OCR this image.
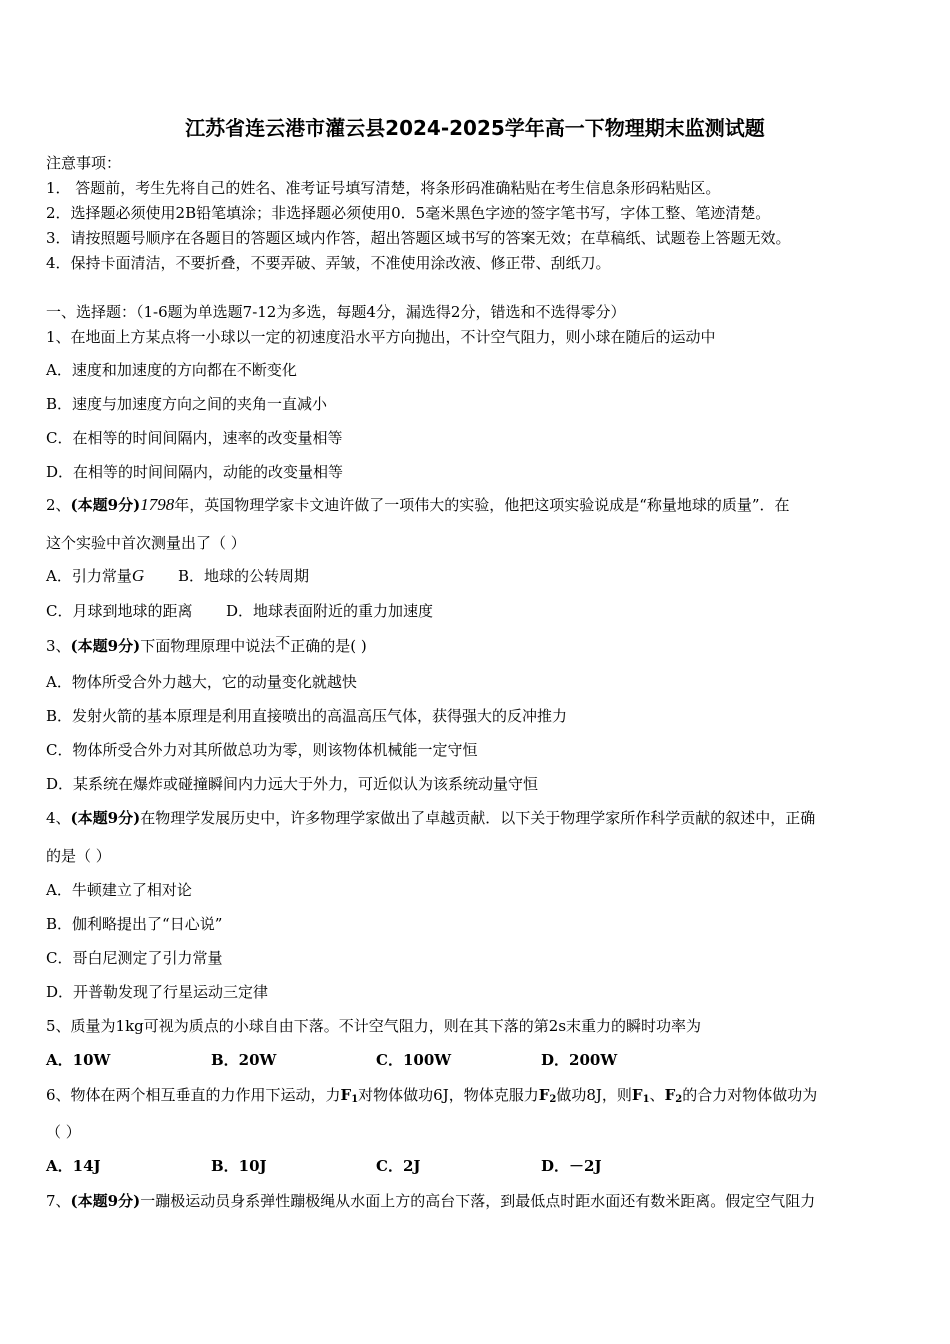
江苏省连云港市灌云县2024-2025学年高一下物理期末监测试题
注意事项：
1． 答题前，考生先将自己的姓名、准考证号填写清楚，将条形码准确粘贴在考生信息条形码粘贴区。
2．选择题必须使用2B铅笔填涂；非选择题必须使用0．5毫米黑色字迹的签字笔书写，字体工整、笔迹清楚。
3．请按照题号顺序在各题目的答题区域内作答，超出答题区域书写的答案无效；在草稿纸、试题卷上答题无效。
4．保持卡面清洁，不要折叠，不要弄破、弄皱，不准使用涂改液、修正带、刮纸刀。
一、选择题：（1-6题为单选题7-12为多选，每题4分，漏选得2分，错选和不选得零分）
1、在地面上方某点将一小球以一定的初速度沿水平方向抛出，不计空气阻力，则小球在随后的运动中
A．速度和加速度的方向都在不断变化
B．速度与加速度方向之间的夹角一直减小
C．在相等的时间间隔内，速率的改变量相等
D．在相等的时间间隔内，动能的改变量相等
2、(本题9分)1798年，英国物理学家卡文迪许做了一项伟大的实验，他把这项实验说成是“称量地球的质量”．在
这个实验中首次测量出了（ ）
A．引力常量G B．地球的公转周期
C．月球到地球的距离 D．地球表面附近的重力加速度
3、(本题9分)下面物理原理中说法不正确的是( )
A．物体所受合外力越大，它的动量变化就越快
B．发射火箭的基本原理是利用直接喷出的高温高压气体，获得强大的反冲推力
C．物体所受合外力对其所做总功为零，则该物体机械能一定守恒
D．某系统在爆炸或碰撞瞬间内力远大于外力，可近似认为该系统动量守恒
4、(本题9分)在物理学发展历史中，许多物理学家做出了卓越贡献．以下关于物理学家所作科学贡献的叙述中，正确
的是（ ）
A．牛顿建立了相对论
B．伽利略提出了“日心说”
C．哥白尼测定了引力常量
D．开普勒发现了行星运动三定律
5、质量为1kg可视为质点的小球自由下落。不计空气阻力，则在其下落的第2s末重力的瞬时功率为
A．10W	B．20W	C．100W	D．200W
6、物体在两个相互垂直的力作用下运动，力$F_1$对物体做功6J，物体克服力$F_2$做功8J，则$F_1$、$F_2$的合力对物体做功为
（ ）
A．14J	B．10J	C．2J	D．－2J
7、(本题9分)一蹦极运动员身系弹性蹦极绳从水面上方的高台下落，到最低点时距水面还有数米距离。假定空气阻力
